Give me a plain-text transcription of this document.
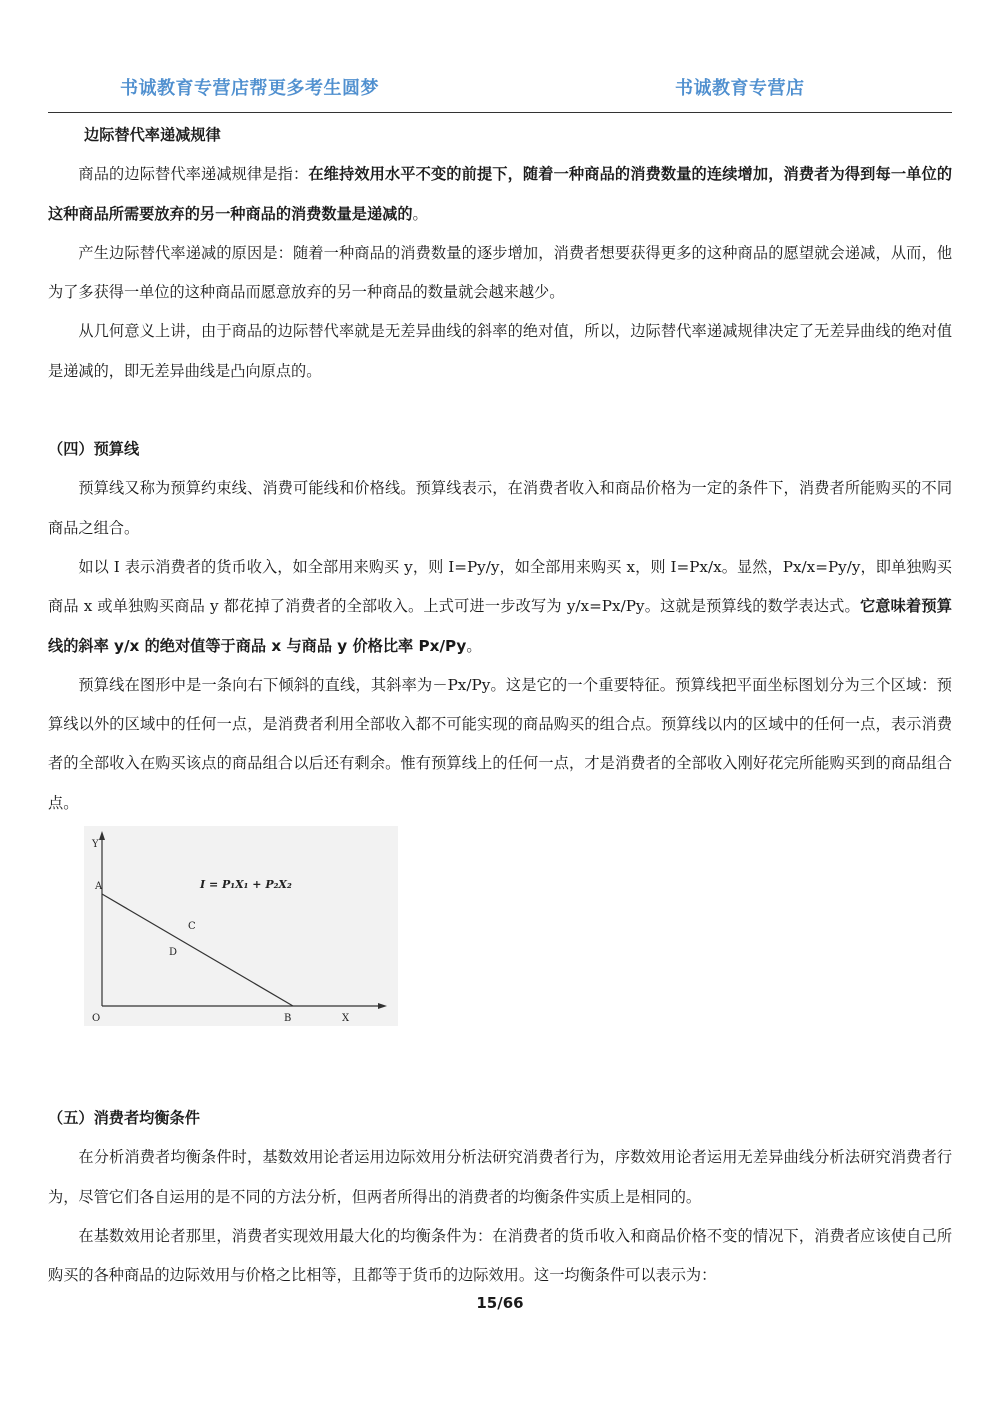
书诚教育专营店帮更多考生圆梦	书诚教育专营店
边际替代率递减规律

商品的边际替代率递减规律是指：在维持效用水平不变的前提下，随着一种商品的消费数量的连续增加，消费者为得到每一单位的这种商品所需要放弃的另一种商品的消费数量是递减的。

产生边际替代率递减的原因是：随着一种商品的消费数量的逐步增加，消费者想要获得更多的这种商品的愿望就会递减，从而，他为了多获得一单位的这种商品而愿意放弃的另一种商品的数量就会越来越少。

从几何意义上讲，由于商品的边际替代率就是无差异曲线的斜率的绝对值，所以，边际替代率递减规律决定了无差异曲线的绝对值是递减的，即无差异曲线是凸向原点的。

（四）预算线

预算线又称为预算约束线、消费可能线和价格线。预算线表示，在消费者收入和商品价格为一定的条件下，消费者所能购买的不同商品之组合。

如以 I 表示消费者的货币收入，如全部用来购买 y，则 I=Py/y，如全部用来购买 x，则 I=Px/x。显然，Px/x=Py/y，即单独购买商品 x 或单独购买商品 y 都花掉了消费者的全部收入。上式可进一步改写为 y/x=Px/Py。这就是预算线的数学表达式。它意味着预算线的斜率 y/x 的绝对值等于商品 x 与商品 y 价格比率 Px/Py。

预算线在图形中是一条向右下倾斜的直线，其斜率为－Px/Py。这是它的一个重要特征。预算线把平面坐标图划分为三个区域：预算线以外的区域中的任何一点，是消费者利用全部收入都不可能实现的商品购买的组合点。预算线以内的区域中的任何一点，表示消费者的全部收入在购买该点的商品组合以后还有剩余。惟有预算线上的任何一点，才是消费者的全部收入刚好花完所能购买到的商品组合点。

（五）消费者均衡条件

在分析消费者均衡条件时，基数效用论者运用边际效用分析法研究消费者行为，序数效用论者运用无差异曲线分析法研究消费者行为，尽管它们各自运用的是不同的方法分析，但两者所得出的消费者的均衡条件实质上是相同的。

在基数效用论者那里，消费者实现效用最大化的均衡条件为：在消费者的货币收入和商品价格不变的情况下，消费者应该使自己所购买的各种商品的边际效用与价格之比相等，且都等于货币的边际效用。这一均衡条件可以表示为：

Y
A
C
D
O	B	X
I = P₁X₁ + P₂X₂
15/66
